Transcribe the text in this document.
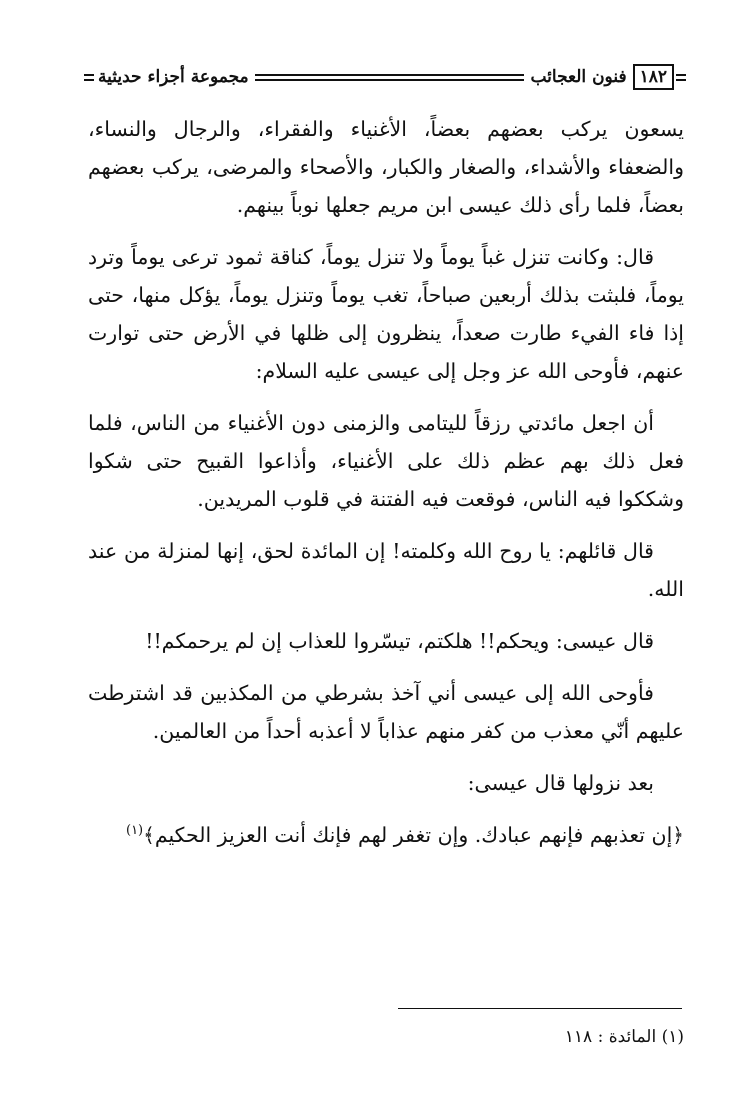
١٨٢
فنون العجائب
مجموعة أجزاء حديثية

يسعون يركب بعضهم بعضاً، الأغنياء والفقراء، والرجال والنساء، والضعفاء والأشداء، والصغار والكبار، والأصحاء والمرضى، يركب بعضهم بعضاً، فلما رأى ذلك عيسى ابن مريم جعلها نوباً بينهم.

قال: وكانت تنزل غباً يوماً ولا تنزل يوماً، كناقة ثمود ترعى يوماً وترد يوماً، فلبثت بذلك أربعين صباحاً، تغب يوماً وتنزل يوماً، يؤكل منها، حتى إذا فاء الفيء طارت صعداً، ينظرون إلى ظلها في الأرض حتى توارت عنهم، فأوحى الله عز وجل إلى عيسى عليه السلام:

أن اجعل مائدتي رزقاً لليتامى والزمنى دون الأغنياء من الناس، فلما فعل ذلك بهم عظم ذلك على الأغنياء، وأذاعوا القبيح حتى شكوا وشككوا فيه الناس، فوقعت فيه الفتنة في قلوب المريدين.

قال قائلهم: يا روح الله وكلمته! إن المائدة لحق، إنها لمنزلة من عند الله.

قال عيسى: ويحكم!! هلكتم، تيسّروا للعذاب إن لم يرحمكم!!

فأوحى الله إلى عيسى أني آخذ بشرطي من المكذبين قد اشترطت عليهم أنّي معذب من كفر منهم عذاباً لا أعذبه أحداً من العالمين.

بعد نزولها قال عيسى:

﴿إن تعذبهم فإنهم عبادك. وإن تغفر لهم فإنك أنت العزيز الحكيم﴾$^{(١)}$

(١) المائدة : ١١٨
